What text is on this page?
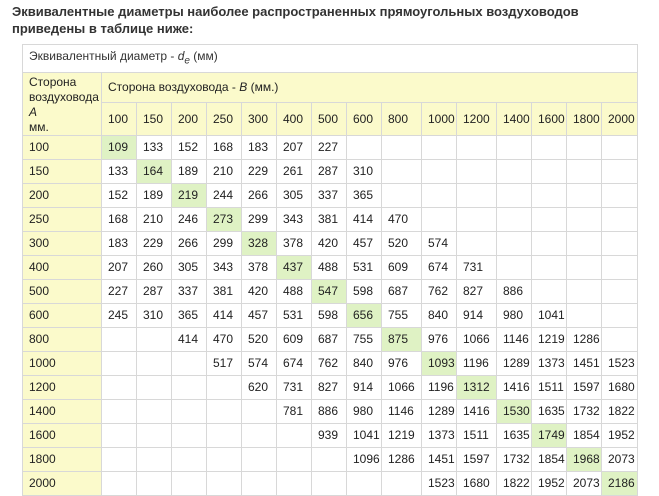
Эквивалентные диаметры наиболее распространенных прямоугольных воздуховодов приведены в таблице ниже:
Эквивалентный диаметр - $d_e$ (мм)															

Сторона
воздуховода
А
мм.	Сторона воздуховода - B (мм.)														
	100	150	200	250	300	400	500	600	800	1000	1200	1400	1600	1800	2000
100	109	133	152	168	183	207	227								
150	133	164	189	210	229	261	287	310							
200	152	189	219	244	266	305	337	365							
250	168	210	246	273	299	343	381	414	470						
300	183	229	266	299	328	378	420	457	520	574					
400	207	260	305	343	378	437	488	531	609	674	731				
500	227	287	337	381	420	488	547	598	687	762	827	886			
600	245	310	365	414	457	531	598	656	755	840	914	980	1041		
800			414	470	520	609	687	755	875	976	1066	1146	1219	1286	
1000				517	574	674	762	840	976	1093	1196	1289	1373	1451	1523
1200					620	731	827	914	1066	1196	1312	1416	1511	1597	1680
1400						781	886	980	1146	1289	1416	1530	1635	1732	1822
1600							939	1041	1219	1373	1511	1635	1749	1854	1952
1800								1096	1286	1451	1597	1732	1854	1968	2073
2000										1523	1680	1822	1952	2073	2186
